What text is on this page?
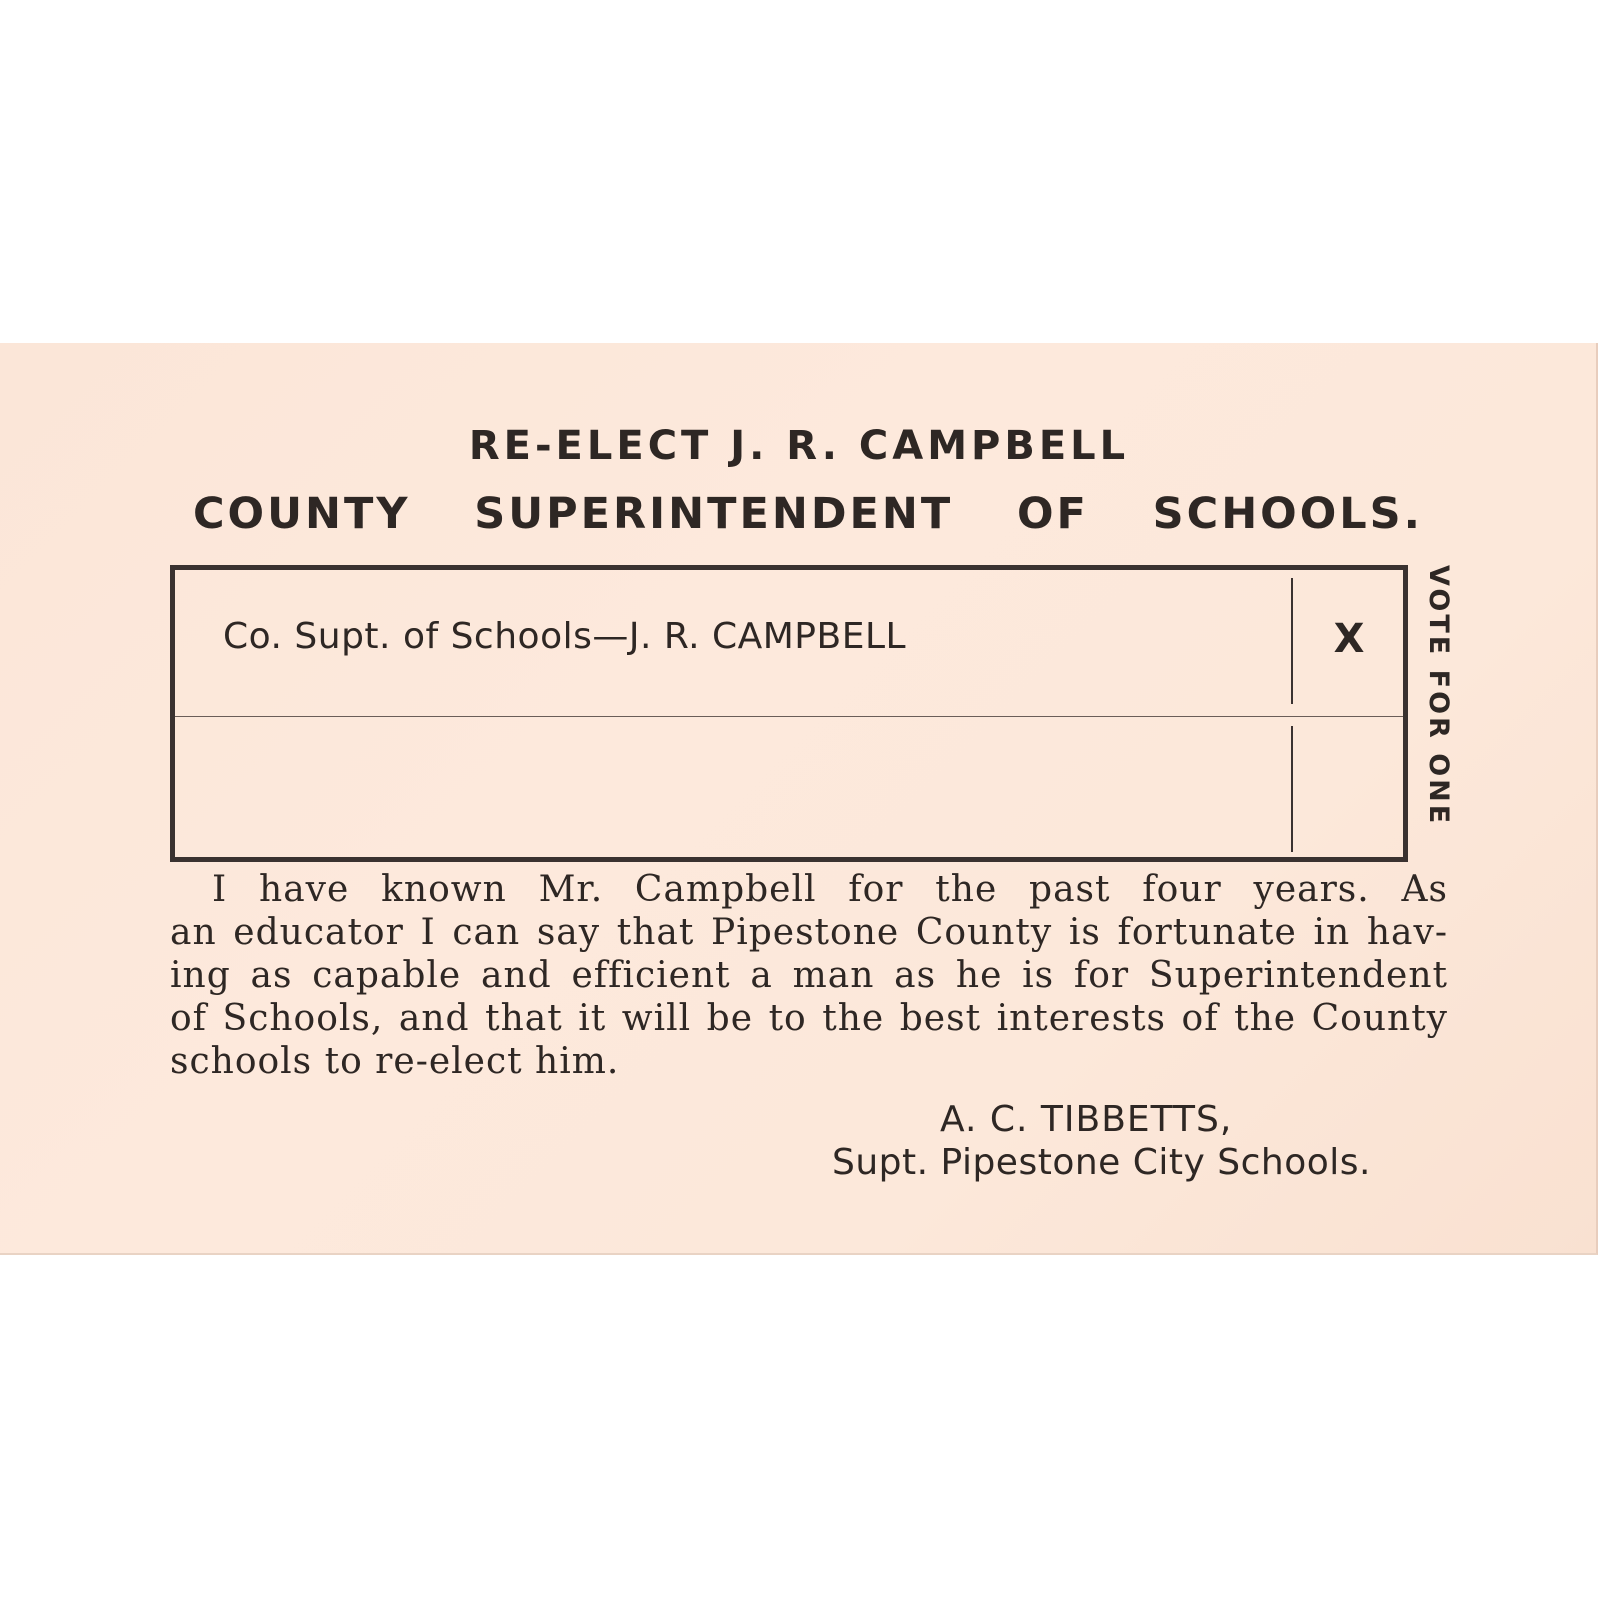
RE-ELECT J. R. CAMPBELL
COUNTY SUPERINTENDENT OF SCHOOLS.
Co. Supt. of Schools—J. R. CAMPBELL	X	VOTE FOR ONE
I have known Mr. Campbell for the past four years. As
an educator I can say that Pipestone County is fortunate in hav-
ing as capable and efficient a man as he is for Superintendent
of Schools, and that it will be to the best interests of the County
schools to re-elect him.
A. C. TIBBETTS,
Supt. Pipestone City Schools.
